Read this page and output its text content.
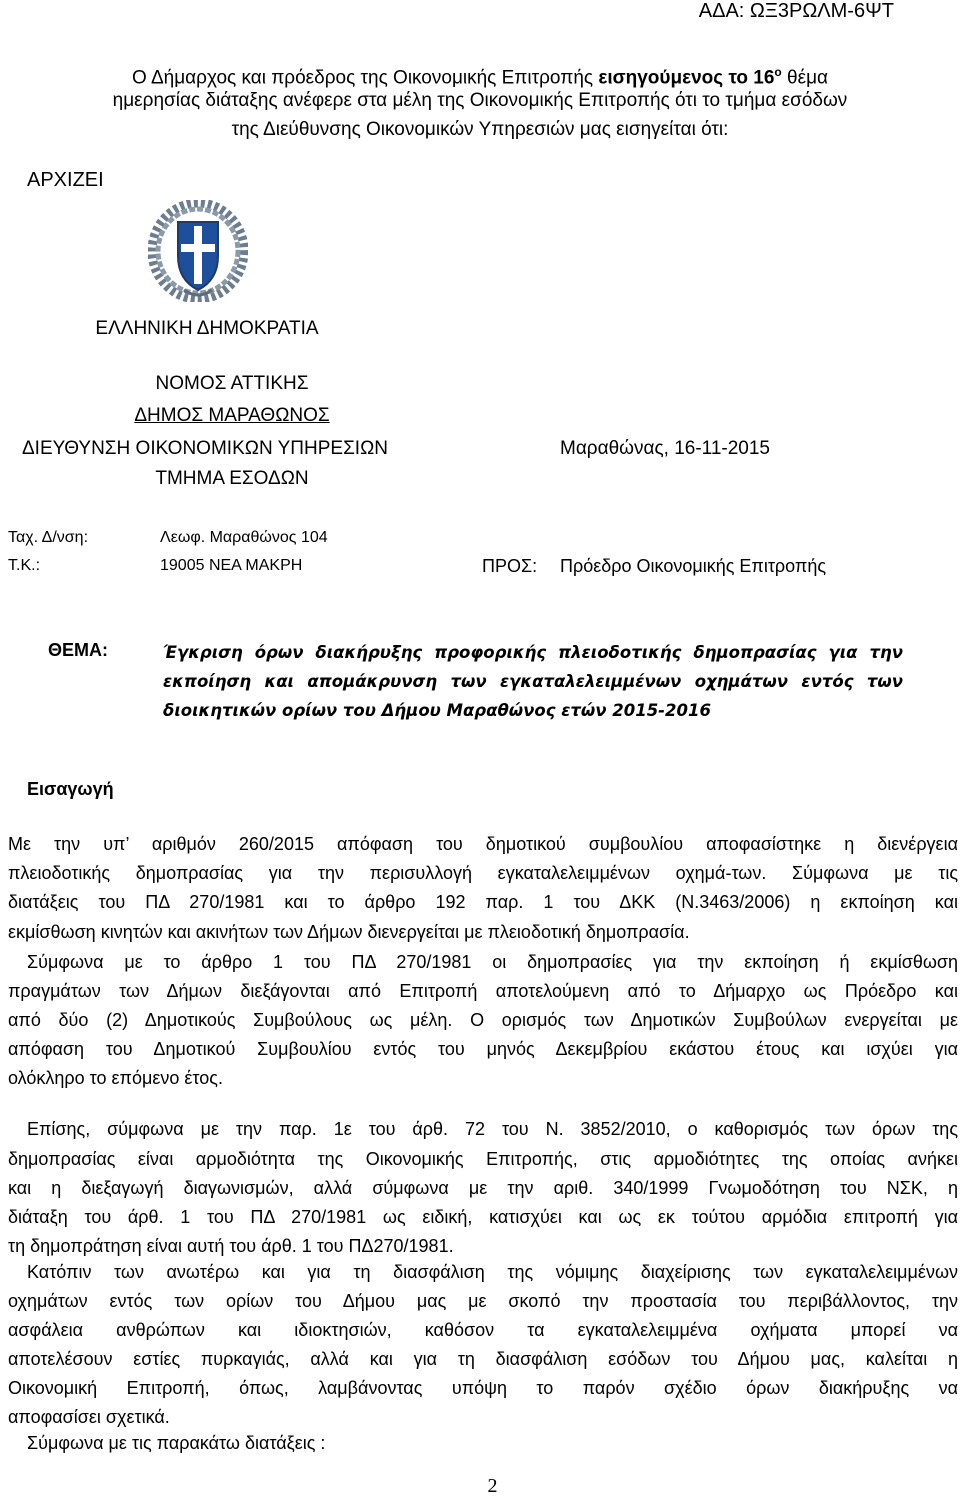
ΑΔΑ: ΩΞ3ΡΩΛΜ-6ΨΤ
Ο Δήμαρχος και πρόεδρος της Οικονομικής Επιτροπής εισηγούμενος το $16^o$ θέμα
ημερησίας διάταξης ανέφερε στα μέλη της Οικονομικής Επιτροπής ότι το τμήμα εσόδων
της Διεύθυνσης Οικονομικών Υπηρεσιών μας εισηγείται ότι:
ΑΡΧΙΖΕΙ
ΕΛΛΗΝΙΚΗ ΔΗΜΟΚΡΑΤΙΑ
ΝΟΜΟΣ ΑΤΤΙΚΗΣ
ΔΗΜΟΣ ΜΑΡΑΘΩΝΟΣ
ΔΙΕΥΘΥΝΣΗ ΟΙΚΟΝΟΜΙΚΩΝ ΥΠΗΡΕΣΙΩΝ
ΤΜΗΜΑ ΕΣΟΔΩΝ
Μαραθώνας, 16-11-2015
Ταχ. Δ/νση:	Λεωφ. Μαραθώνος 104
Τ.Κ.:	19005 ΝΕΑ ΜΑΚΡΗ	ΠΡΟΣ: Πρόεδρο Οικονομικής Επιτροπής
ΘΕΜΑ:	Έγκριση όρων διακήρυξης προφορικής πλειοδοτικής δημοπρασίας για την
εκποίηση και απομάκρυνση των εγκαταλελειμμένων οχημάτων εντός των
διοικητικών ορίων του Δήμου Μαραθώνος ετών 2015-2016
Εισαγωγή
Με την υπ’ αριθμόν 260/2015 απόφαση του δημοτικού συμβουλίου αποφασίστηκε η διενέργεια
πλειοδοτικής δημοπρασίας για την περισυλλογή εγκαταλελειμμένων οχημά-των. Σύμφωνα με τις
διατάξεις του ΠΔ 270/1981 και το άρθρο 192 παρ. 1 του ΔΚΚ (Ν.3463/2006) η εκποίηση και
εκμίσθωση κινητών και ακινήτων των Δήμων διενεργείται με πλειοδοτική δημοπρασία.
Σύμφωνα με το άρθρο 1 του ΠΔ 270/1981 οι δημοπρασίες για την εκποίηση ή εκμίσθωση
πραγμάτων των Δήμων διεξάγονται από Επιτροπή αποτελούμενη από το Δήμαρχο ως Πρόεδρο και
από δύο (2) Δημοτικούς Συμβούλους ως μέλη. Ο ορισμός των Δημοτικών Συμβούλων ενεργείται με
απόφαση του Δημοτικού Συμβουλίου εντός του μηνός Δεκεμβρίου εκάστου έτους και ισχύει για
ολόκληρο το επόμενο έτος.
Επίσης, σύμφωνα με την παρ. 1ε του άρθ. 72 του Ν. 3852/2010, ο καθορισμός των όρων της
δημοπρασίας είναι αρμοδιότητα της Οικονομικής Επιτροπής, στις αρμοδιότητες της οποίας ανήκει
και η διεξαγωγή διαγωνισμών, αλλά σύμφωνα με την αριθ. 340/1999 Γνωμοδότηση του ΝΣΚ, η
διάταξη του άρθ. 1 του ΠΔ 270/1981 ως ειδική, κατισχύει και ως εκ τούτου αρμόδια επιτροπή για
τη δημοπράτηση είναι αυτή του άρθ. 1 του ΠΔ270/1981.
Κατόπιν των ανωτέρω και για τη διασφάλιση της νόμιμης διαχείρισης των εγκαταλελειμμένων
οχημάτων εντός των ορίων του Δήμου μας με σκοπό την προστασία του περιβάλλοντος, την
ασφάλεια ανθρώπων και ιδιοκτησιών, καθόσον τα εγκαταλελειμμένα οχήματα μπορεί να
αποτελέσουν εστίες πυρκαγιάς, αλλά και για τη διασφάλιση εσόδων του Δήμου μας, καλείται η
Οικονομική Επιτροπή, όπως, λαμβάνοντας υπόψη το παρόν σχέδιο όρων διακήρυξης να
αποφασίσει σχετικά.
Σύμφωνα με τις παρακάτω διατάξεις :
2
